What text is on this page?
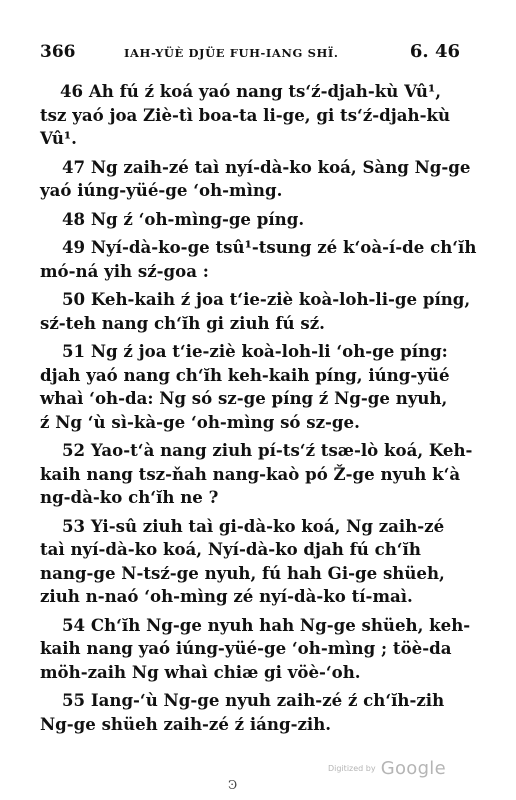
366	IAH-YÜÈ DJÜE FUH-IANG SHÏ.	6. 46
46 Ah fú ź koá yaó nang ts‘ź-djah-kù Vû¹,
tsz yaó joa Ziè-tì boa-ta li-ge, gi ts‘ź-djah-kù
Vû¹.
47 Ng zaih-zé taì nyí-dà-ko koá, Sàng Ng-ge
yaó iúng-yüé-ge ‘oh-mìng.
48 Ng ź ‘oh-mìng-ge píng.
49 Nyí-dà-ko-ge tsû¹-tsung zé k‘oà-í-de ch‘ĭh
mó-ná yih sź-goa :
50 Keh-kaih ź joa t‘ie-ziè koà-loh-li-ge píng,
sź-teh nang ch‘ĭh gi ziuh fú sź.
51 Ng ź joa t‘ie-ziè koà-loh-li ‘oh-ge píng:
djah yaó nang ch‘ĭh keh-kaih píng, iúng-yüé
whaì ‘oh-da: Ng só sz-ge píng ź Ng-ge nyuh,
ź Ng ‘ù sì-kà-ge ‘oh-mìng só sz-ge.
52 Yao-t‘à nang ziuh pí-ts‘ź tsæ-lò koá, Keh-
kaih nang tsz-ňah nang-kaò pó Ž-ge nyuh k‘à
ng-dà-ko ch‘ĭh ne ?
53 Yi-sû ziuh taì gi-dà-ko koá, Ng zaih-zé
taì nyí-dà-ko koá, Nyí-dà-ko djah fú ch‘ĭh
nang-ge N-tsź-ge nyuh, fú hah Gi-ge shüeh,
ziuh n-naó ‘oh-mìng zé nyí-dà-ko tí-maì.
54 Ch‘ĭh Ng-ge nyuh hah Ng-ge shüeh, keh-
kaih nang yaó iúng-yüé-ge ‘oh-mìng ; töè-da
möh-zaih Ng whaì chiæ gi vöè-‘oh.
55 Iang-‘ù Ng-ge nyuh zaih-zé ź ch‘ĭh-zih
Ng-ge shüeh zaih-zé ź iáng-zih.
Ͽ
Digitized by Google
